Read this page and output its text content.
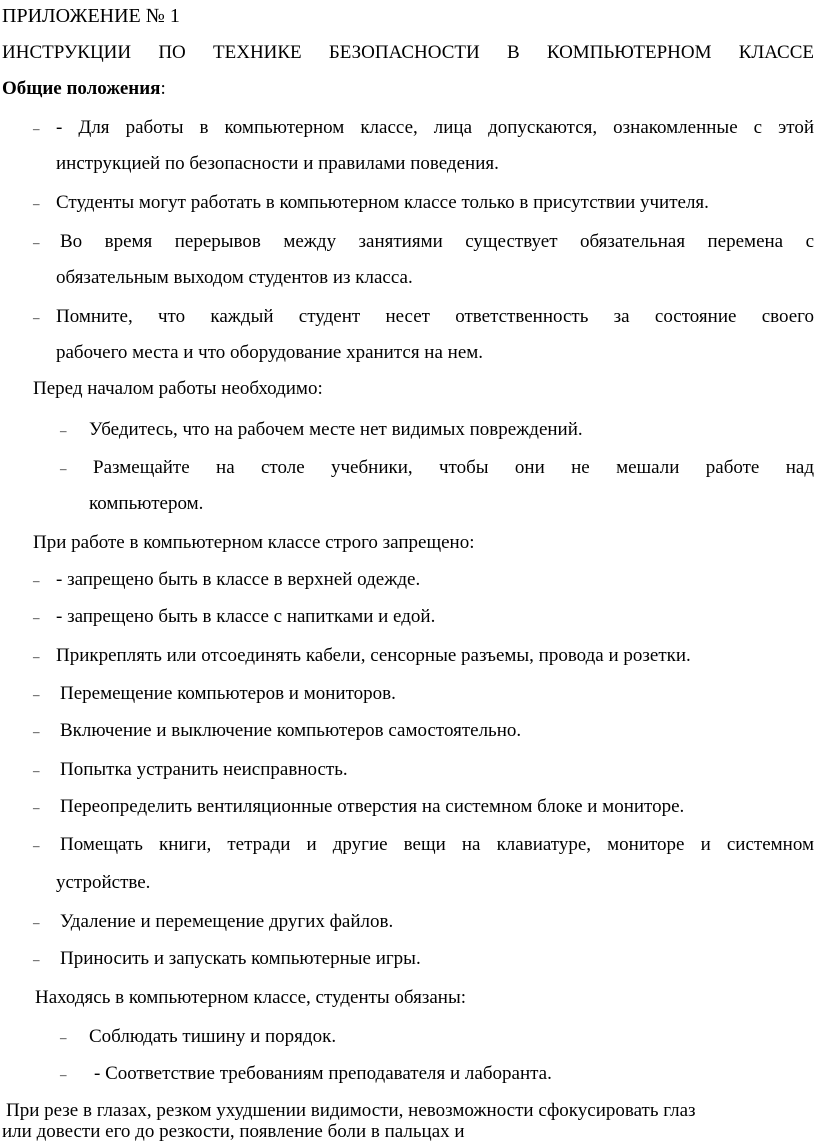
ПРИЛОЖЕНИЕ № 1
ИНСТРУКЦИИ ПО ТЕХНИКЕ БЕЗОПАСНОСТИ В КОМПЬЮТЕРНОМ КЛАССЕ
Общие положения:
– - Для работы в компьютерном классе, лица допускаются, ознакомленные с этой
инструкцией по безопасности и правилами поведения.
– Студенты могут работать в компьютерном классе только в присутствии учителя.
– Во время перерывов между занятиями существует обязательная перемена с
обязательным выходом студентов из класса.
– Помните, что каждый студент несет ответственность за состояние своего
рабочего места и что оборудование хранится на нем.
Перед началом работы необходимо:
– Убедитесь, что на рабочем месте нет видимых повреждений.
– Размещайте на столе учебники, чтобы они не мешали работе над
компьютером.
При работе в компьютерном классе строго запрещено:
– - запрещено быть в классе в верхней одежде.
– - запрещено быть в классе с напитками и едой.
– Прикреплять или отсоединять кабели, сенсорные разъемы, провода и розетки.
– Перемещение компьютеров и мониторов.
– Включение и выключение компьютеров самостоятельно.
– Попытка устранить неисправность.
– Переопределить вентиляционные отверстия на системном блоке и мониторе.
– Помещать книги, тетради и другие вещи на клавиатуре, мониторе и системном
устройстве.
– Удаление и перемещение других файлов.
– Приносить и запускать компьютерные игры.
Находясь в компьютерном классе, студенты обязаны:
– Соблюдать тишину и порядок.
– - Соответствие требованиям преподавателя и лаборанта.
При резе в глазах, резком ухудшении видимости, невозможности сфокусировать глаз
или довести его до резкости, появление боли в пальцах и
